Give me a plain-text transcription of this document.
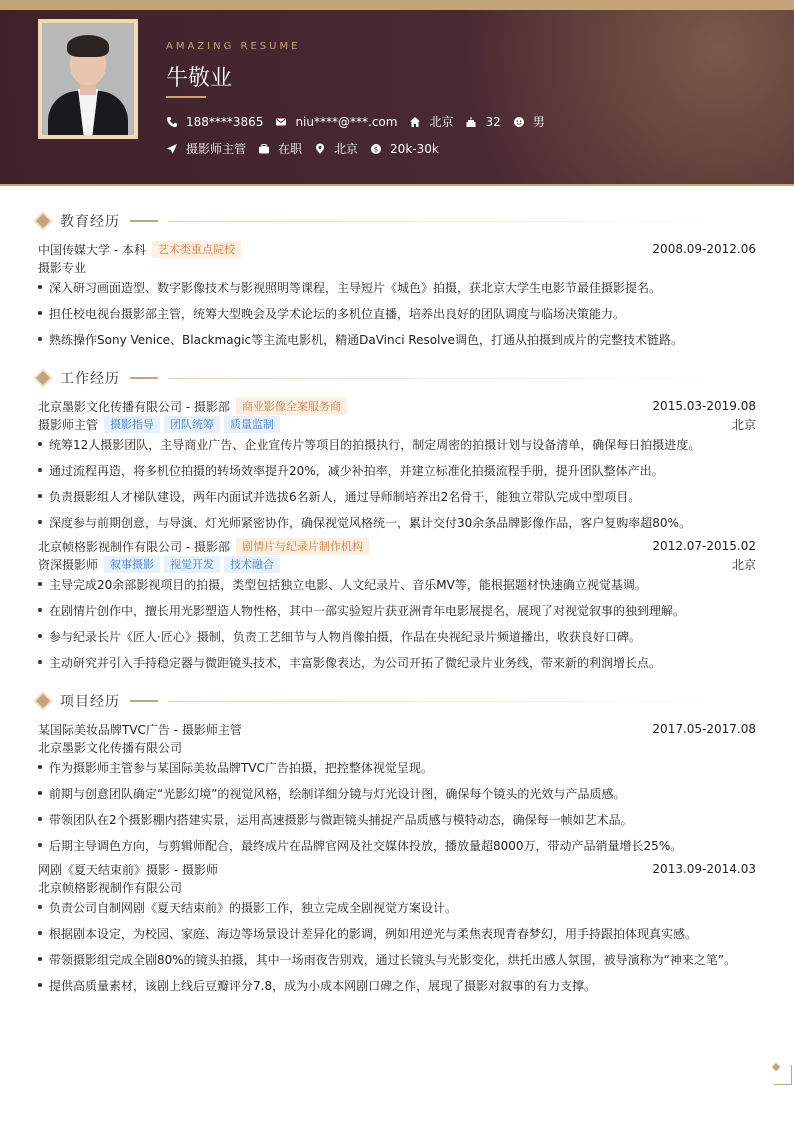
AMAZING RESUME
牛敬业
188****3865	niu****@***.com	北京	32	男
摄影师主管	在职	北京 $ 20k-30k
教育经历
中国传媒大学 - 本科	艺术类重点院校	2008.09-2012.06
摄影专业
深入研习画面造型、数字影像技术与影视照明等课程，主导短片《城色》拍摄，获北京大学生电影节最佳摄影提名。
担任校电视台摄影部主管，统筹大型晚会及学术论坛的多机位直播，培养出良好的团队调度与临场决策能力。
熟练操作Sony Venice、Blackmagic等主流电影机，精通DaVinci Resolve调色，打通从拍摄到成片的完整技术链路。
工作经历
北京墨影文化传播有限公司 - 摄影部	商业影像全案服务商	2015.03-2019.08
摄影师主管	摄影指导	团队统筹	质量监制	北京
统筹12人摄影团队，主导商业广告、企业宣传片等项目的拍摄执行，制定周密的拍摄计划与设备清单，确保每日拍摄进度。
通过流程再造，将多机位拍摄的转场效率提升20%，减少补拍率，并建立标准化拍摄流程手册，提升团队整体产出。
负责摄影组人才梯队建设，两年内面试并选拔6名新人，通过导师制培养出2名骨干，能独立带队完成中型项目。
深度参与前期创意，与导演、灯光师紧密协作，确保视觉风格统一，累计交付30余条品牌影像作品，客户复购率超80%。
北京帧格影视制作有限公司 - 摄影部	剧情片与纪录片制作机构	2012.07-2015.02
资深摄影师	叙事摄影	视觉开发	技术融合	北京
主导完成20余部影视项目的拍摄，类型包括独立电影、人文纪录片、音乐MV等，能根据题材快速确立视觉基调。
在剧情片创作中，擅长用光影塑造人物性格，其中一部实验短片获亚洲青年电影展提名，展现了对视觉叙事的独到理解。
参与纪录长片《匠人·匠心》摄制，负责工艺细节与人物肖像拍摄，作品在央视纪录片频道播出，收获良好口碑。
主动研究并引入手持稳定器与微距镜头技术，丰富影像表达，为公司开拓了微纪录片业务线，带来新的利润增长点。
项目经历
某国际美妆品牌TVC广告 - 摄影师主管	2017.05-2017.08
北京墨影文化传播有限公司
作为摄影师主管参与某国际美妆品牌TVC广告拍摄，把控整体视觉呈现。
前期与创意团队确定“光影幻境”的视觉风格，绘制详细分镜与灯光设计图，确保每个镜头的光效与产品质感。
带领团队在2个摄影棚内搭建实景，运用高速摄影与微距镜头捕捉产品质感与模特动态，确保每一帧如艺术品。
后期主导调色方向，与剪辑师配合，最终成片在品牌官网及社交媒体投放，播放量超8000万，带动产品销量增长25%。
网剧《夏天结束前》摄影 - 摄影师	2013.09-2014.03
北京帧格影视制作有限公司
负责公司自制网剧《夏天结束前》的摄影工作，独立完成全剧视觉方案设计。
根据剧本设定，为校园、家庭、海边等场景设计差异化的影调，例如用逆光与柔焦表现青春梦幻，用手持跟拍体现真实感。
带领摄影组完成全剧80%的镜头拍摄，其中一场雨夜告别戏，通过长镜头与光影变化，烘托出感人氛围，被导演称为“神来之笔”。
提供高质量素材，该剧上线后豆瓣评分7.8，成为小成本网剧口碑之作，展现了摄影对叙事的有力支撑。
